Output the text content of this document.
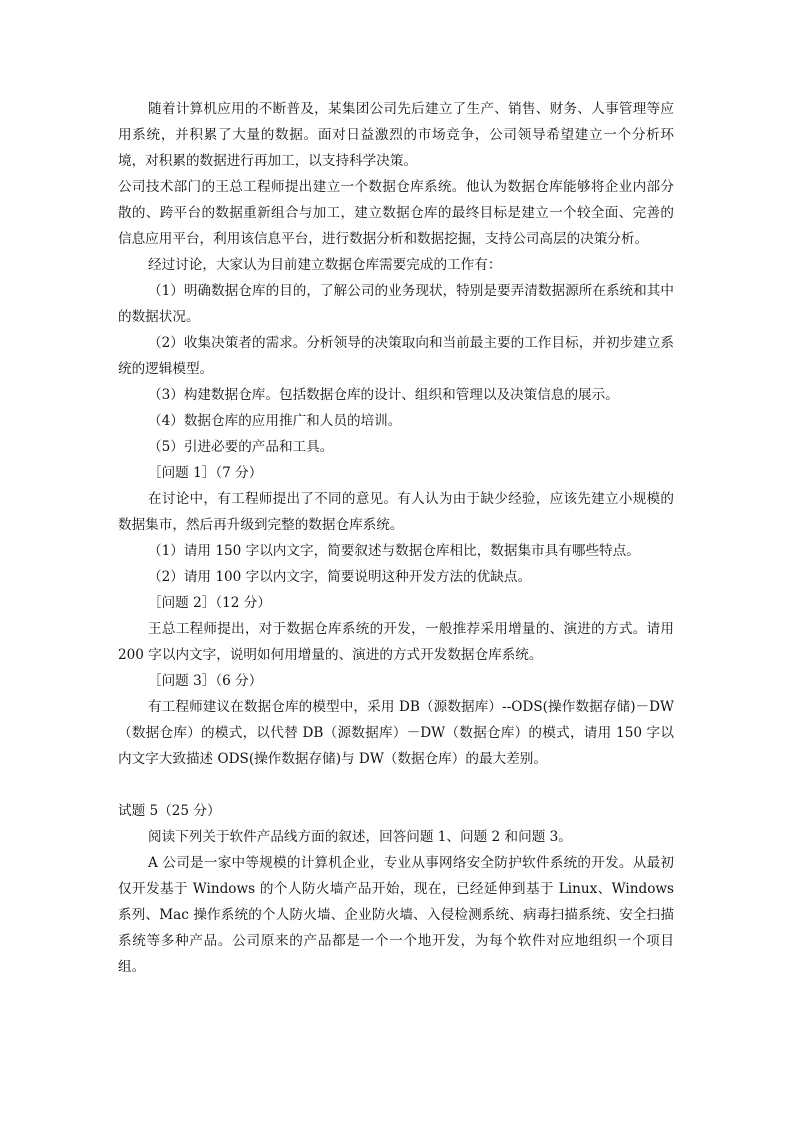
随着计算机应用的不断普及，某集团公司先后建立了生产、销售、财务、人事管理等应用系统，并积累了大量的数据。面对日益激烈的市场竞争，公司领导希望建立一个分析环境，对积累的数据进行再加工，以支持科学决策。

公司技术部门的王总工程师提出建立一个数据仓库系统。他认为数据仓库能够将企业内部分散的、跨平台的数据重新组合与加工，建立数据仓库的最终目标是建立一个较全面、完善的信息应用平台，利用该信息平台，进行数据分析和数据挖掘，支持公司高层的决策分析。

经过讨论，大家认为目前建立数据仓库需要完成的工作有：

（1）明确数据仓库的目的，了解公司的业务现状，特别是要弄清数据源所在系统和其中的数据状况。

（2）收集决策者的需求。分析领导的决策取向和当前最主要的工作目标，并初步建立系统的逻辑模型。

（3）构建数据仓库。包括数据仓库的设计、组织和管理以及决策信息的展示。

（4）数据仓库的应用推广和人员的培训。

（5）引进必要的产品和工具。

［问题 1］（7 分）

在讨论中，有工程师提出了不同的意见。有人认为由于缺少经验，应该先建立小规模的数据集市，然后再升级到完整的数据仓库系统。

（1）请用 150 字以内文字，简要叙述与数据仓库相比，数据集市具有哪些特点。

（2）请用 100 字以内文字，简要说明这种开发方法的优缺点。

［问题 2］（12 分）

王总工程师提出，对于数据仓库系统的开发，一般推荐采用增量的、演进的方式。请用 200 字以内文字，说明如何用增量的、演进的方式开发数据仓库系统。

［问题 3］（6 分）

有工程师建议在数据仓库的模型中，采用 DB（源数据库）--ODS(操作数据存储)－DW（数据仓库）的模式，以代替 DB（源数据库）－DW（数据仓库）的模式，请用 150 字以内文字大致描述 ODS(操作数据存储)与 DW（数据仓库）的最大差别。

试题 5（25 分）

阅读下列关于软件产品线方面的叙述，回答问题 1、问题 2 和问题 3。

A 公司是一家中等规模的计算机企业，专业从事网络安全防护软件系统的开发。从最初仅开发基于 Windows 的个人防火墙产品开始，现在，已经延伸到基于 Linux、Windows 系列、Mac 操作系统的个人防火墙、企业防火墙、入侵检测系统、病毒扫描系统、安全扫描系统等多种产品。公司原来的产品都是一个一个地开发，为每个软件对应地组织一个项目组。
